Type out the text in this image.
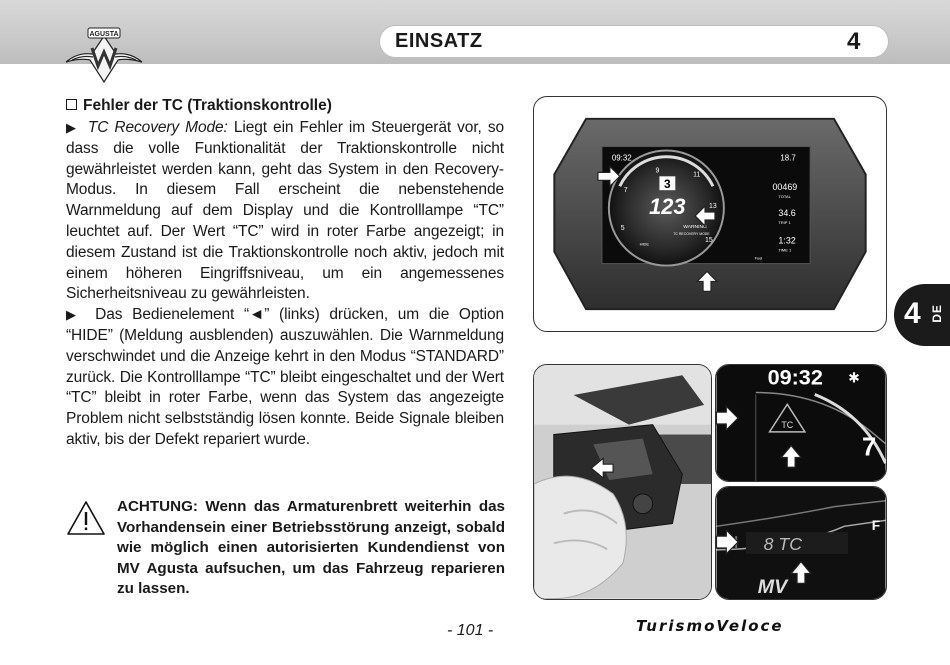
AGUSTA	EINSATZ	4
4 DE
Fehler der TC (Traktionskontrolle)

▶ TC Recovery Mode: Liegt ein Fehler im Steuergerät vor, so dass die volle Funktionalität der Traktionskontrolle nicht gewährleistet werden kann, geht das System in den Recovery-Modus. In diesem Fall erscheint die nebenstehende Warnmeldung auf dem Display und die Kontrolllampe “TC” leuchtet auf. Der Wert “TC” wird in roter Farbe angezeigt; in diesem Zustand ist die Traktionskontrolle noch aktiv, jedoch mit einem höheren Eingriffsniveau, um ein angemessenes Sicherheitsniveau zu gewährleisten.

▶ Das Bedienelement “◄” (links) drücken, um die Option “HIDE” (Meldung ausblenden) auszuwählen. Die Warnmeldung verschwindet und die Anzeige kehrt in den Modus “STANDARD” zurück. Die Kontrolllampe “TC” bleibt eingeschaltet und der Wert “TC” bleibt in roter Farbe, wenn das System das angezeigte Problem nicht selbstständig lösen konnte. Beide Signale bleiben aktiv, bis der Defekt repariert wurde.

ACHTUNG: Wenn das Armaturenbrett weiterhin das Vorhandensein einer Betriebsstörung anzeigt, sobald wie möglich einen autorisierten Kundendienst von MV Agusta aufsuchen, um das Fahrzeug reparieren zu lassen.
09:32	18.7
00469
TOTAL
34.6
TRIP 1
1:32
TIME 1
3
123
WARNING
TC RECOVERY MODE
HIDE
Fuel
5
7
9
11
13
15
09:32 ✱
TC
7
8 TC
F
MV
- 101 -	TurismoVeloce
